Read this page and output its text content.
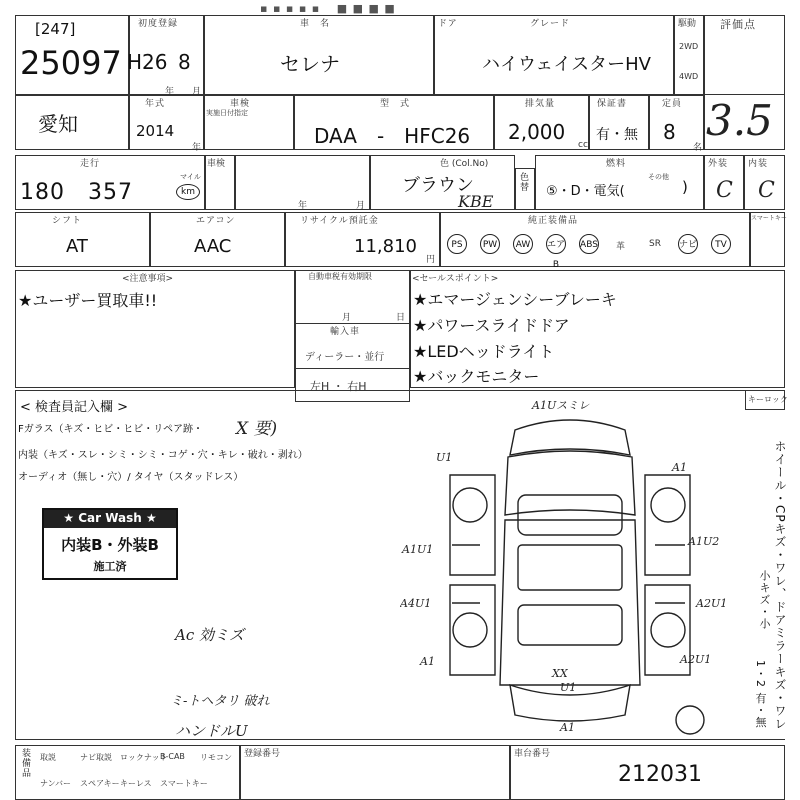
▪ ▪ ▪ ▪ ▪ 　■ ■ ■ ■
[247]
25097
初度登録
H26 8
年 月
車　名
セレナ
ドア	グレード
ハイウェイスターHV
駆動
2WD
4WD
評価点
愛知
年式
2014
年
車検
実施日付指定
型　式
DAA　-　HFC26
排気量
2,000
cc
保証書
有・無
定員
8
名
3.5
走行
180　357
マイル
km
車検
年	月
色 (Col.No)
ブラウン
KBE
色替
燃料
⑤・D・電気(
その他
)
外装
C
内装
C
シフト
AT
エアコン
AAC
リサイクル預託金
11,810
円
純正装備品	スマートキー
PS	PW	AW	エアB
ABS 革	SR ナビ	TV
<注意事項>
★ユーザー買取車!!
自動車税有効期限
月	日
輸入車
ディーラー・並行
左H ・ 右H
<セールスポイント>
★エマージェンシーブレーキ
★パワースライドドア
★LEDヘッドライト
★バックモニター
< 検査員記入欄 >
Fガラス（キズ・ヒビ・ヒビ・リペア跡・ X 要)
内装（キズ・スレ・シミ・シミ・コゲ・穴・キレ・破れ・剥れ）
オーディオ（無し・穴）/ タイヤ（スタッドレス）
★ Car Wash ★
内装B・外装B
施工済
Ac 効ミズ
ミ-トヘタリ 破れ
ハンドルU
キーロック
ホイール・CPキズ・ワレ、ドアミラーキズ・ワレ
小キズ・小
1・2 有・無
A1Uスミレ
U1
A1
A1U1
A1U2
A4U1	A2U1
A2U1
A1
XX
U1
A1
装備品 取説	ナビ取説 ロックナット
B-CAB リモコン
ナンバー スペアキー キーレス スマートキー
登録番号	車台番号
212031
